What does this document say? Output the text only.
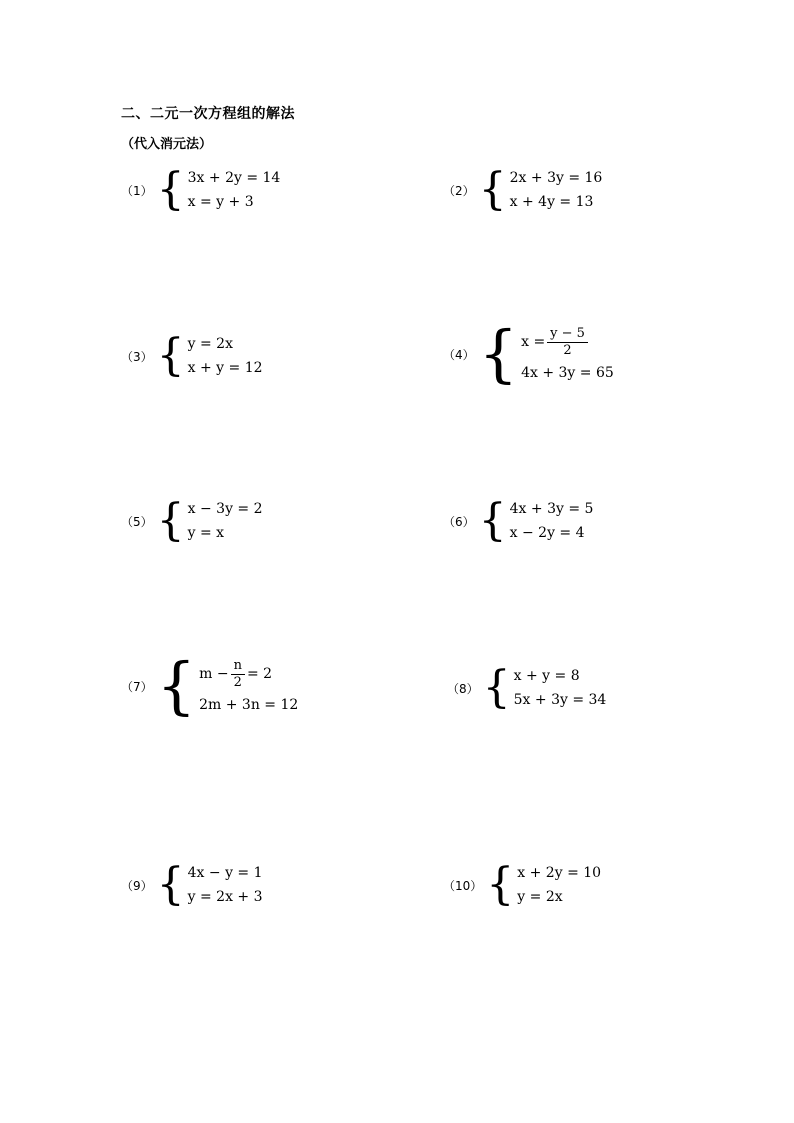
二、二元一次方程组的解法
（代入消元法）
（1） { 3x + 2y = 14
x = y + 3
（2） { 2x + 3y = 16
x + 4y = 13
（3） { y = 2x
x + y = 12
（4） { $x = \frac{y - 5}{2}$
4x + 3y = 65
（5） { x − 3y = 2
y = x
（6） { 4x + 3y = 5
x − 2y = 4
（7） { $m - \frac{n}{2} = 2$
2m + 3n = 12
（8） { x + y = 8
5x + 3y = 34
（9） { 4x − y = 1
y = 2x + 3
（10） { x + 2y = 10
y = 2x
